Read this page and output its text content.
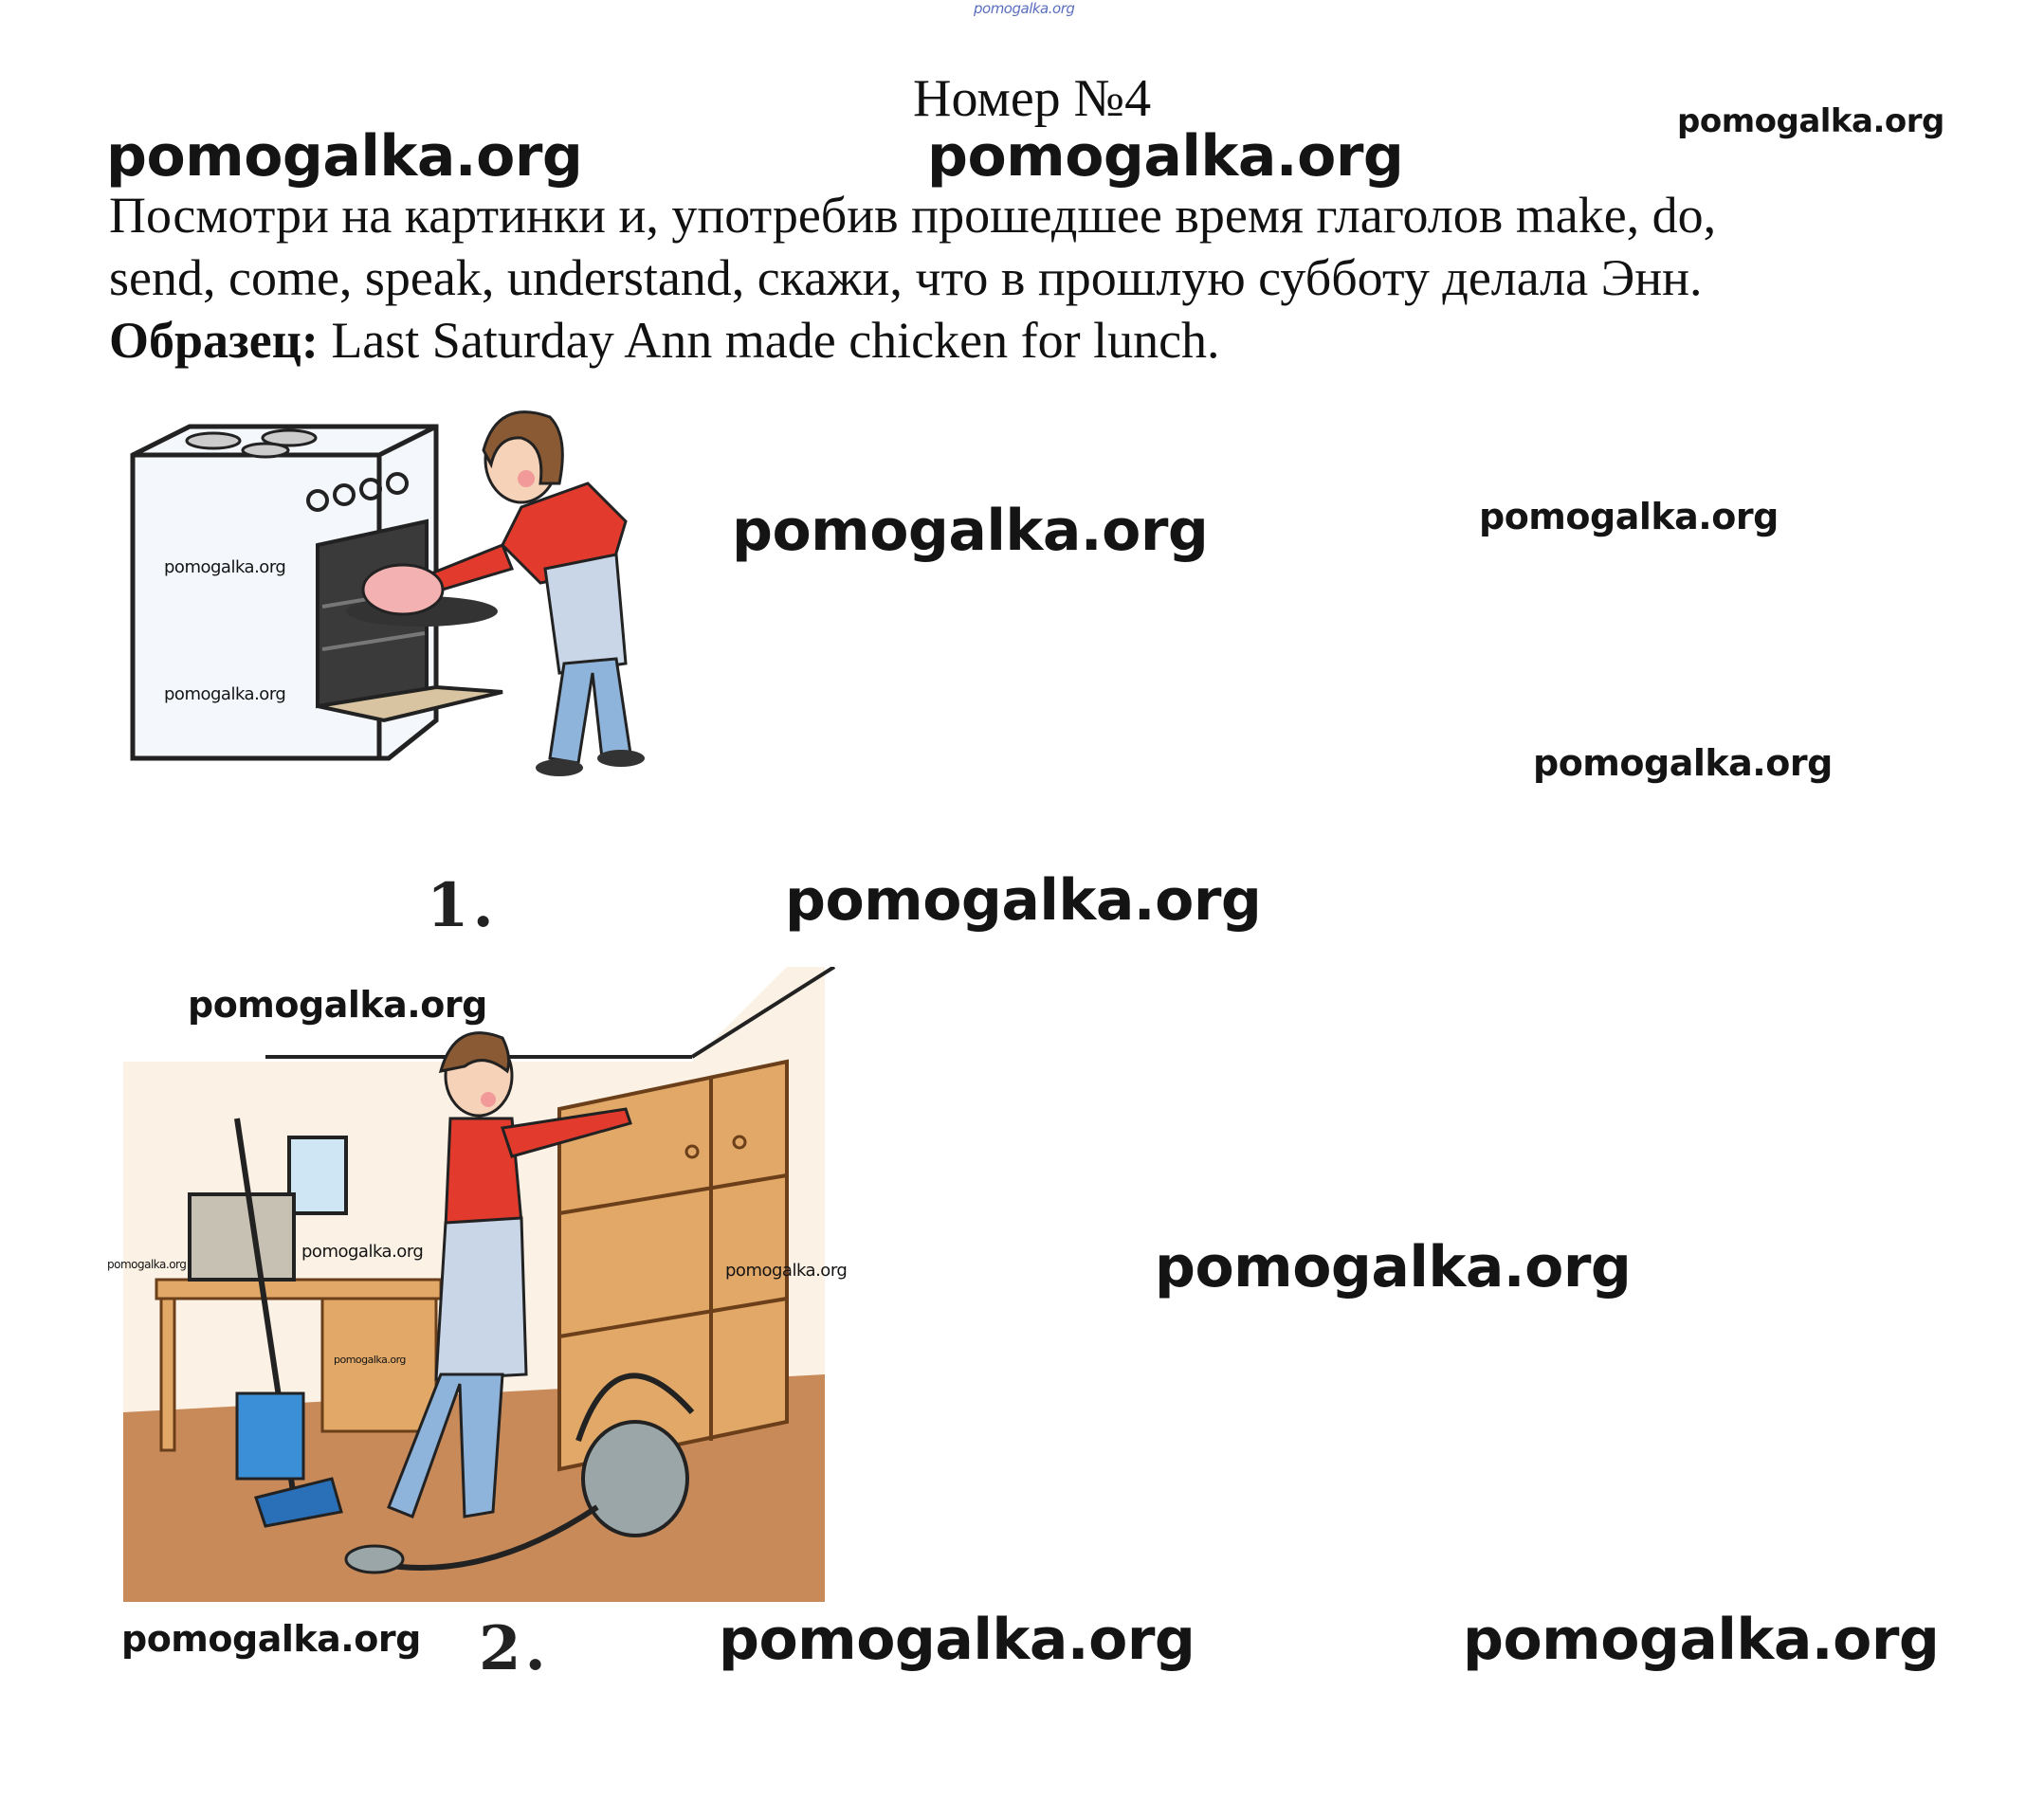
pomogalka.org
Номер №4
pomogalka.org	pomogalka.org
pomogalka.org
Посмотри на картинки и, употребив прошедшее время глаголов make, do,
send, come, speak, understand, скажи, что в прошлую субботу делала Энн.
Образец: Last Saturday Ann made chicken for lunch.
pomogalka.org
pomogalka.org
pomogalka.org	pomogalka.org
pomogalka.org
1.	pomogalka.org
pomogalka.org
pomogalka.org
pomogalka.org
pomogalka.org
pomogalka.org
pomogalka.org
pomogalka.org 2.	pomogalka.org	pomogalka.org
